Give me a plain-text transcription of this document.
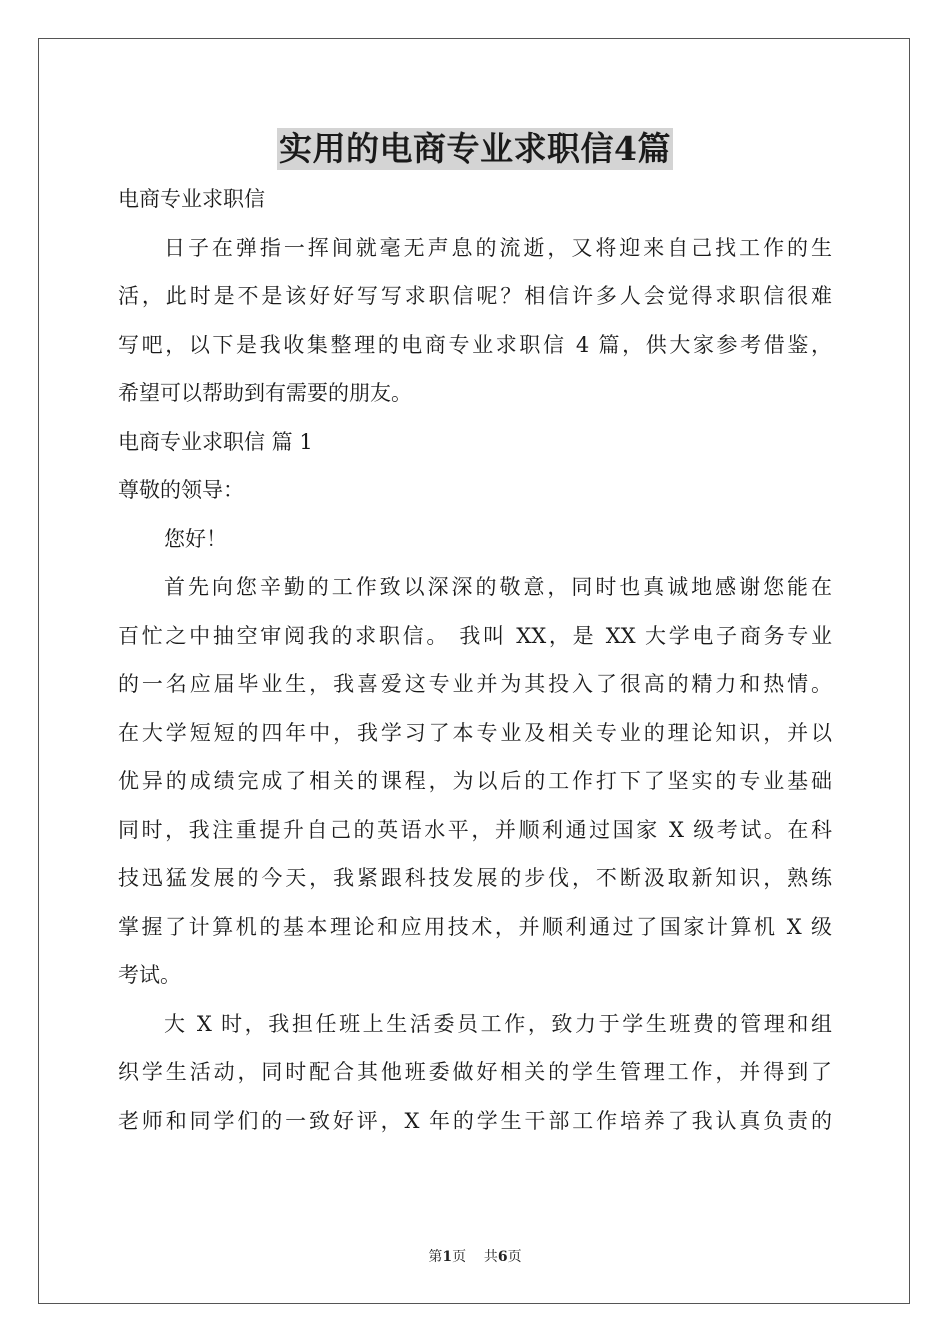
实用的电商专业求职信4篇
电商专业求职信
日子在弹指一挥间就毫无声息的流逝，又将迎来自己找工作的生
活，此时是不是该好好写写求职信呢？相信许多人会觉得求职信很难
写吧，以下是我收集整理的电商专业求职信 4 篇，供大家参考借鉴，
希望可以帮助到有需要的朋友。
电商专业求职信 篇 1
尊敬的领导：
您好！
首先向您辛勤的工作致以深深的敬意，同时也真诚地感谢您能在
百忙之中抽空审阅我的求职信。 我叫 XX，是 XX 大学电子商务专业
的一名应届毕业生，我喜爱这专业并为其投入了很高的精力和热情。
在大学短短的四年中，我学习了本专业及相关专业的理论知识，并以
优异的成绩完成了相关的课程，为以后的工作打下了坚实的专业基础
同时，我注重提升自己的英语水平，并顺利通过国家 X 级考试。在科
技迅猛发展的今天，我紧跟科技发展的步伐，不断汲取新知识，熟练
掌握了计算机的基本理论和应用技术，并顺利通过了国家计算机 X 级
考试。
大 X 时，我担任班上生活委员工作，致力于学生班费的管理和组
织学生活动，同时配合其他班委做好相关的学生管理工作，并得到了
老师和同学们的一致好评，X 年的学生干部工作培养了我认真负责的
第1页 共6页
